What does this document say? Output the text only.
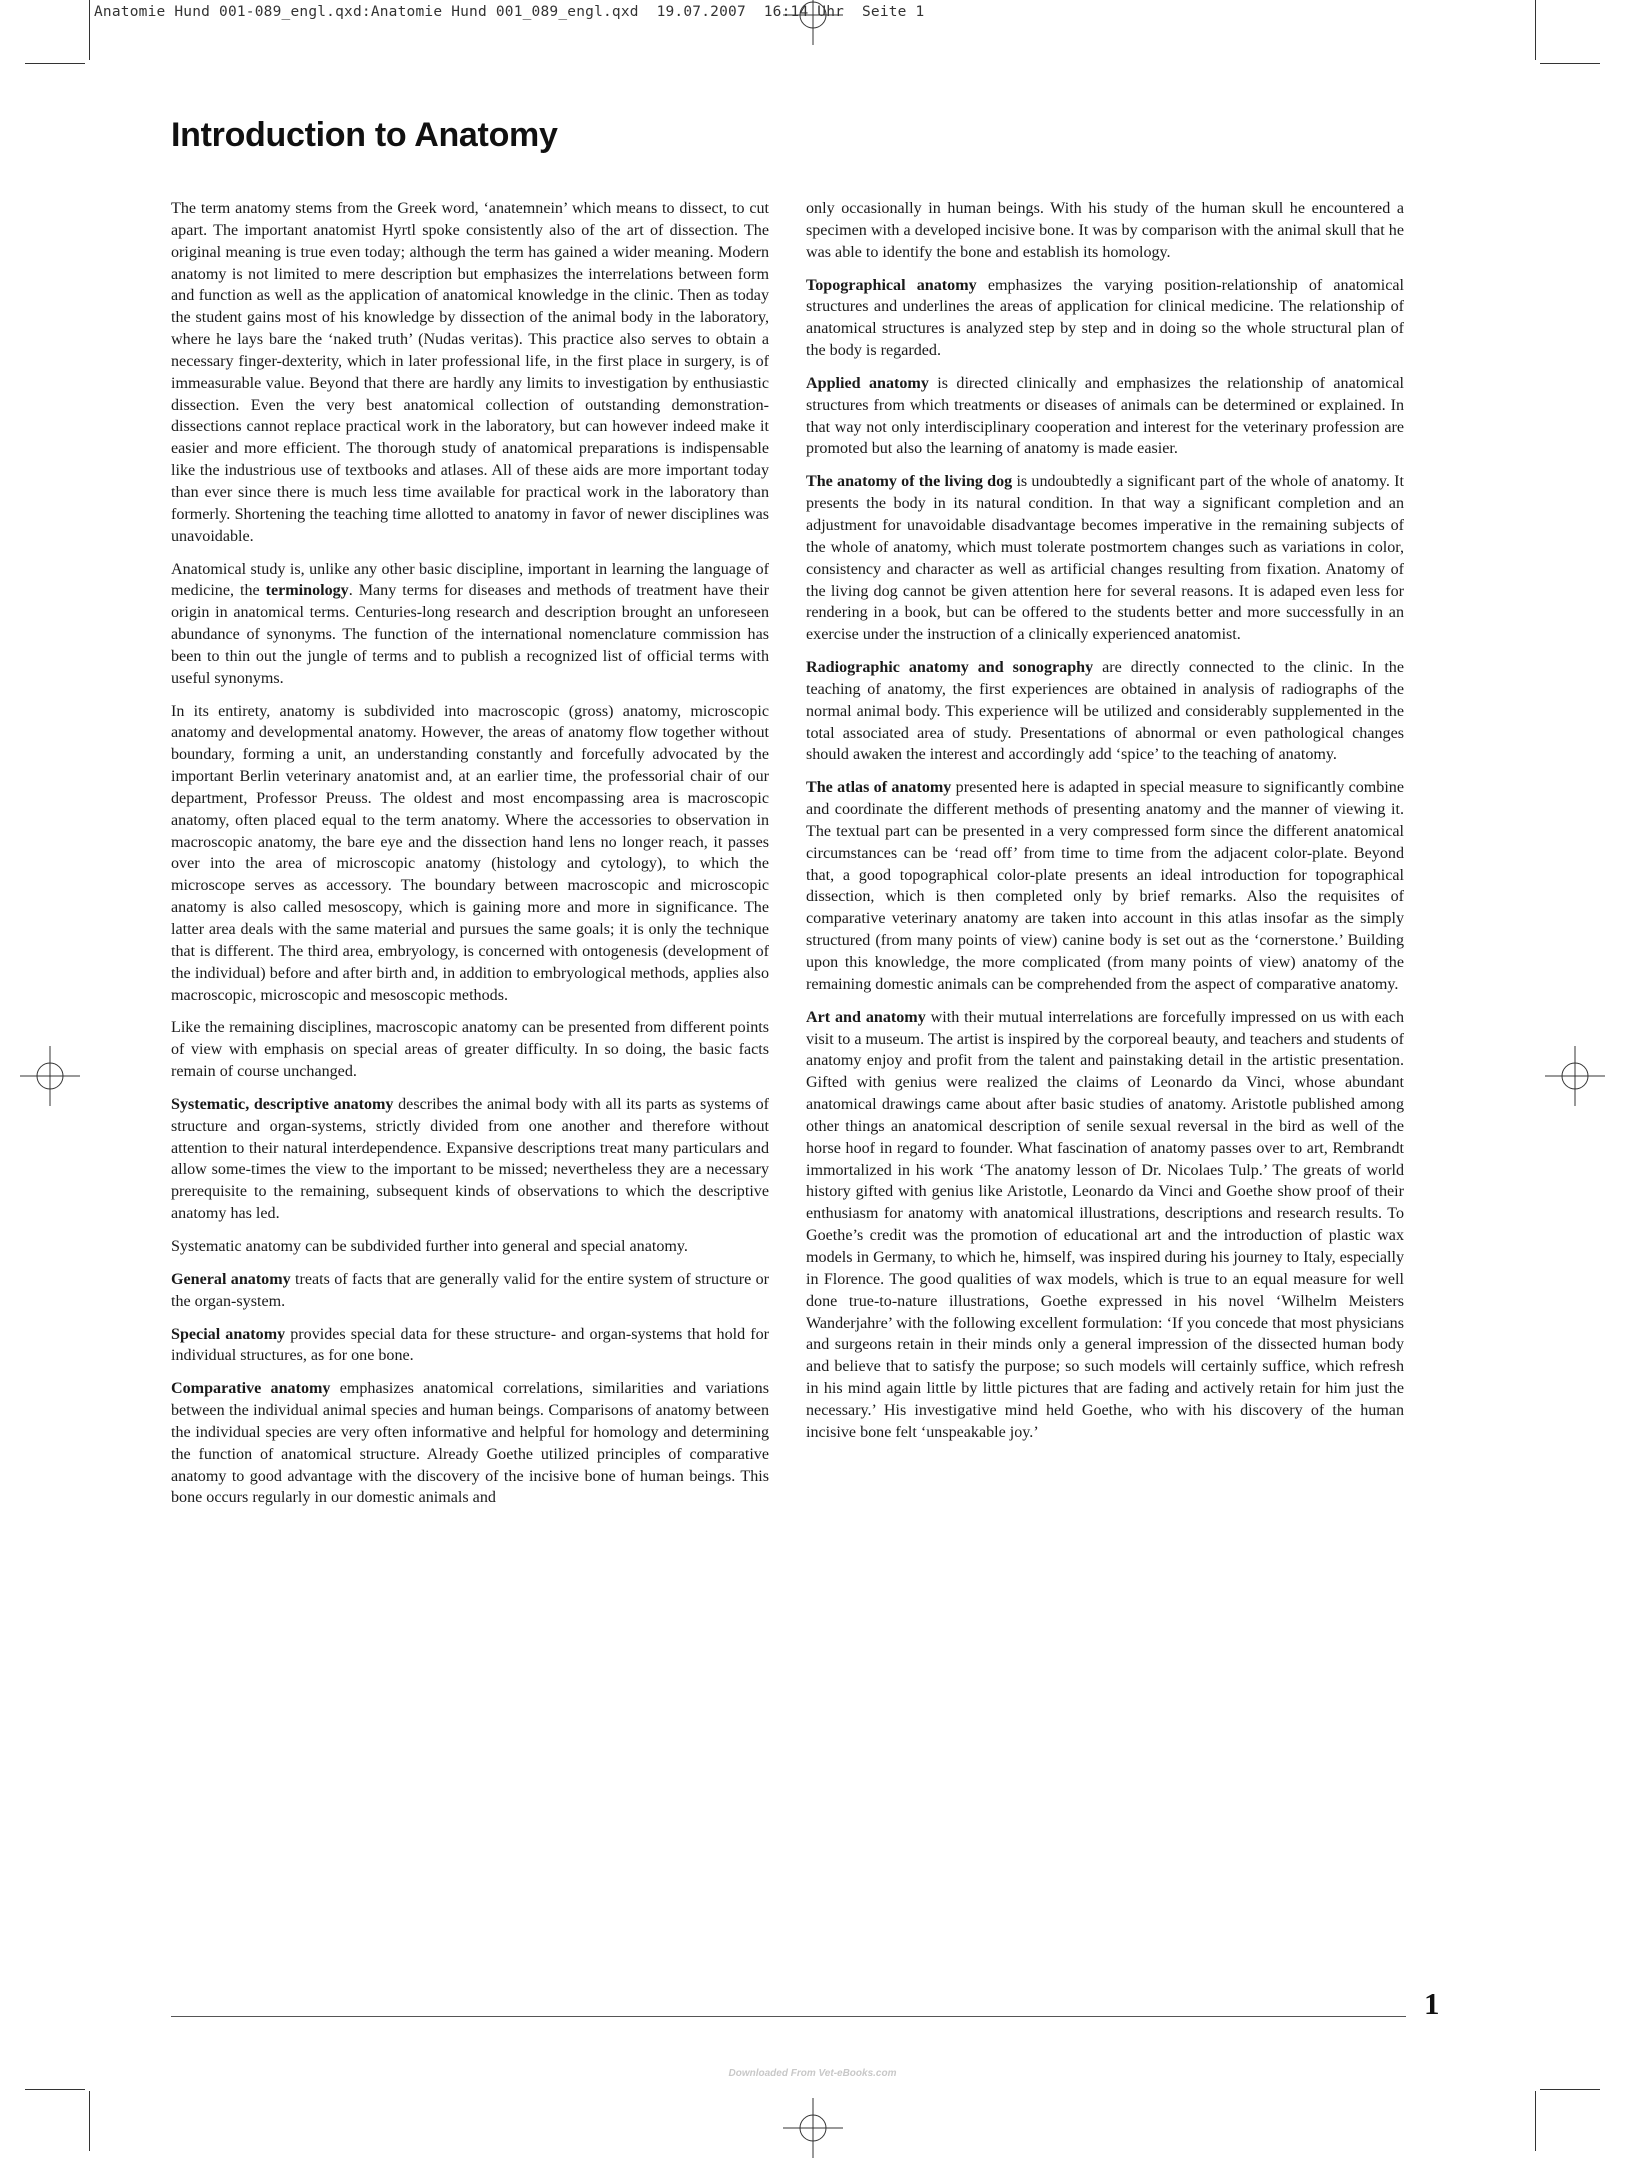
Anatomie Hund 001-089_engl.qxd:Anatomie Hund 001_089_engl.qxd  19.07.2007  16:14 Uhr  Seite 1
Introduction to Anatomy

The term anatomy stems from the Greek word, ‘anatemnein’ which means to dissect, to cut apart. The important anatomist Hyrtl spoke consistently also of the art of dissection. The original meaning is true even today; although the term has gained a wider meaning. Modern anatomy is not limited to mere description but emphasizes the interrelations between form and function as well as the application of anatomical knowledge in the clinic. Then as today the student gains most of his knowledge by dissection of the animal body in the laboratory, where he lays bare the ‘naked truth’ (Nudas veritas). This practice also serves to obtain a necessary finger-dexterity, which in later professional life, in the first place in surgery, is of immeasurable value. Beyond that there are hardly any limits to investigation by enthusiastic dissection. Even the very best anatomical collection of outstanding demonstration-dissections cannot replace practical work in the laboratory, but can however indeed make it easier and more efficient. The thorough study of anatomical preparations is indispensable like the industrious use of textbooks and atlases. All of these aids are more important today than ever since there is much less time available for practical work in the laboratory than formerly. Shortening the teaching time allotted to anatomy in favor of newer disciplines was unavoidable.

Anatomical study is, unlike any other basic discipline, important in learning the language of medicine, the terminology. Many terms for diseases and methods of treatment have their origin in anatomical terms. Centuries-long research and description brought an unforeseen abundance of synonyms. The function of the international nomenclature commission has been to thin out the jungle of terms and to publish a recognized list of official terms with useful synonyms.

In its entirety, anatomy is subdivided into macroscopic (gross) anatomy, microscopic anatomy and developmental anatomy. However, the areas of anatomy flow together without boundary, forming a unit, an understanding constantly and forcefully advocated by the important Berlin veterinary anatomist and, at an earlier time, the professorial chair of our department, Professor Preuss. The oldest and most encompassing area is macroscopic anatomy, often placed equal to the term anatomy. Where the accessories to observation in macroscopic anatomy, the bare eye and the dissection hand lens no longer reach, it passes over into the area of microscopic anatomy (histology and cytology), to which the microscope serves as accessory. The boundary between macroscopic and microscopic anatomy is also called mesoscopy, which is gaining more and more in significance. The latter area deals with the same material and pursues the same goals; it is only the technique that is different. The third area, embryology, is concerned with ontogenesis (development of the individual) before and after birth and, in addition to embryological methods, applies also macroscopic, microscopic and mesoscopic methods.

Like the remaining disciplines, macroscopic anatomy can be presented from different points of view with emphasis on special areas of greater difficulty. In so doing, the basic facts remain of course unchanged.

Systematic, descriptive anatomy describes the animal body with all its parts as systems of structure and organ-systems, strictly divided from one another and therefore without attention to their natural interdependence. Expansive descriptions treat many particulars and allow some-times the view to the important to be missed; nevertheless they are a necessary prerequisite to the remaining, subsequent kinds of observations to which the descriptive anatomy has led.

Systematic anatomy can be subdivided further into general and special anatomy.

General anatomy treats of facts that are generally valid for the entire system of structure or the organ-system.

Special anatomy provides special data for these structure- and organ-systems that hold for individual structures, as for one bone.

Comparative anatomy emphasizes anatomical correlations, similarities and variations between the individual animal species and human beings. Comparisons of anatomy between the individual species are very often informative and helpful for homology and determining the function of anatomical structure. Already Goethe utilized principles of comparative anatomy to good advantage with the discovery of the incisive bone of human beings. This bone occurs regularly in our domestic animals and

only occasionally in human beings. With his study of the human skull he encountered a specimen with a developed incisive bone. It was by comparison with the animal skull that he was able to identify the bone and establish its homology.

Topographical anatomy emphasizes the varying position-relationship of anatomical structures and underlines the areas of application for clinical medicine. The relationship of anatomical structures is analyzed step by step and in doing so the whole structural plan of the body is regarded.

Applied anatomy is directed clinically and emphasizes the relationship of anatomical structures from which treatments or diseases of animals can be determined or explained. In that way not only interdisciplinary cooperation and interest for the veterinary profession are promoted but also the learning of anatomy is made easier.

The anatomy of the living dog is undoubtedly a significant part of the whole of anatomy. It presents the body in its natural condition. In that way a significant completion and an adjustment for unavoidable disadvantage becomes imperative in the remaining subjects of the whole of anatomy, which must tolerate postmortem changes such as variations in color, consistency and character as well as artificial changes resulting from fixation. Anatomy of the living dog cannot be given attention here for several reasons. It is adaped even less for rendering in a book, but can be offered to the students better and more successfully in an exercise under the instruction of a clinically experienced anatomist.

Radiographic anatomy and sonography are directly connected to the clinic. In the teaching of anatomy, the first experiences are obtained in analysis of radiographs of the normal animal body. This experience will be utilized and considerably supplemented in the total associated area of study. Presentations of abnormal or even pathological changes should awaken the interest and accordingly add ‘spice’ to the teaching of anatomy.

The atlas of anatomy presented here is adapted in special measure to significantly combine and coordinate the different methods of presenting anatomy and the manner of viewing it. The textual part can be presented in a very compressed form since the different anatomical circumstances can be ‘read off’ from time to time from the adjacent color-plate. Beyond that, a good topographical color-plate presents an ideal introduction for topographical dissection, which is then completed only by brief remarks. Also the requisites of comparative veterinary anatomy are taken into account in this atlas insofar as the simply structured (from many points of view) canine body is set out as the ‘cornerstone.’ Building upon this knowledge, the more complicated (from many points of view) anatomy of the remaining domestic animals can be comprehended from the aspect of comparative anatomy.

Art and anatomy with their mutual interrelations are forcefully impressed on us with each visit to a museum. The artist is inspired by the corporeal beauty, and teachers and students of anatomy enjoy and profit from the talent and painstaking detail in the artistic presentation. Gifted with genius were realized the claims of Leonardo da Vinci, whose abundant anatomical drawings came about after basic studies of anatomy. Aristotle published among other things an anatomical description of senile sexual reversal in the bird as well of the horse hoof in regard to founder. What fascination of anatomy passes over to art, Rembrandt immortalized in his work ‘The anatomy lesson of Dr. Nicolaes Tulp.’ The greats of world history gifted with genius like Aristotle, Leonardo da Vinci and Goethe show proof of their enthusiasm for anatomy with anatomical illustrations, descriptions and research results. To Goethe’s credit was the promotion of educational art and the introduction of plastic wax models in Germany, to which he, himself, was inspired during his journey to Italy, especially in Florence. The good qualities of wax models, which is true to an equal measure for well done true-to-nature illustrations, Goethe expressed in his novel ‘Wilhelm Meisters Wanderjahre’ with the following excellent formulation: ‘If you concede that most physicians and surgeons retain in their minds only a general impression of the dissected human body and believe that to satisfy the purpose; so such models will certainly suffice, which refresh in his mind again little by little pictures that are fading and actively retain for him just the necessary.’ His investigative mind held Goethe, who with his discovery of the human incisive bone felt ‘unspeakable joy.’

1
Downloaded From Vet-eBooks.com
